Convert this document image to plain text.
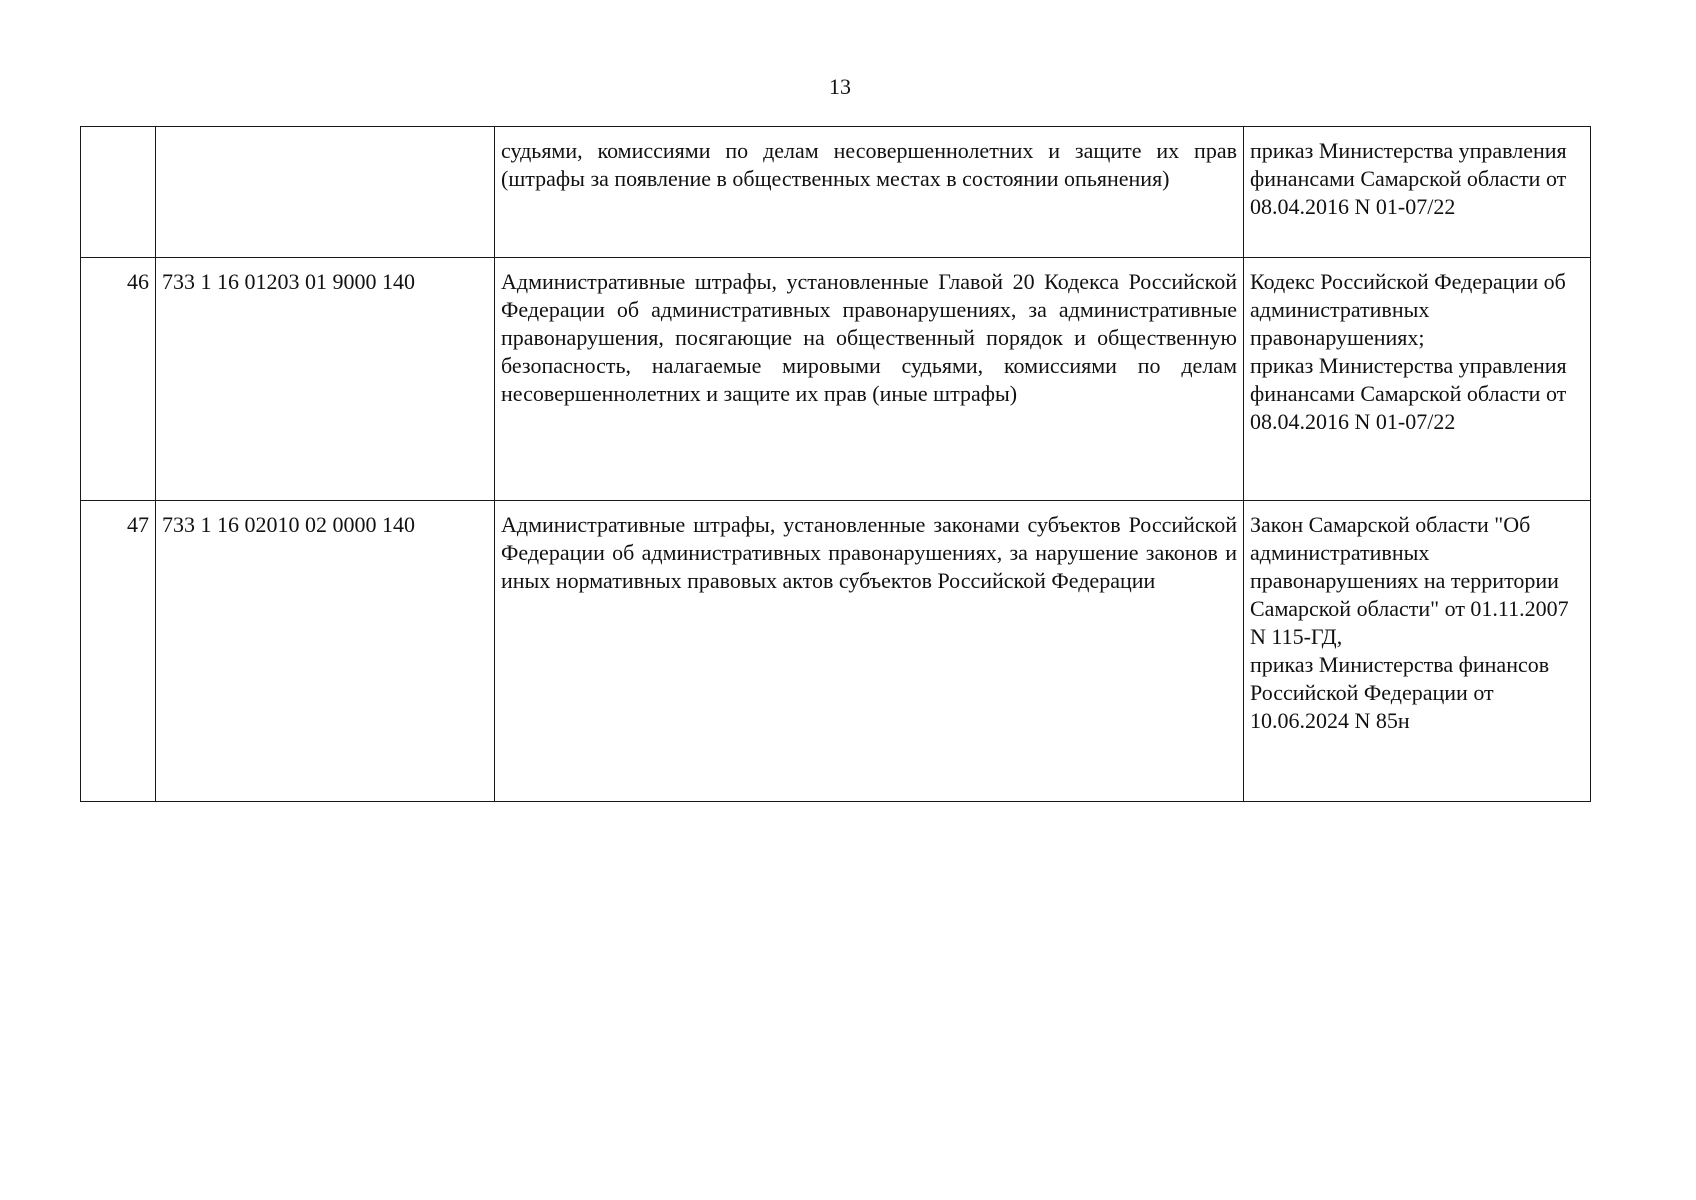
13

		судьями, комиссиями по делам несовершеннолетних и защите их прав (штрафы за появление в общественных местах в состоянии опьянения)	приказ Министерства управления финансами Самарской области от 08.04.2016 N 01-07/22

46	733 1 16 01203 01 9000 140	Административные штрафы, установленные Главой 20 Кодекса Российской Федерации об административных правонарушениях, за административные правонарушения, посягающие на общественный порядок и общественную безопасность, налагаемые мировыми судьями, комиссиями по делам несовершеннолетних и защите их прав (иные штрафы)	Кодекс Российской Федерации об административных правонарушениях;
приказ Министерства управления финансами Самарской области от 08.04.2016 N 01-07/22

47	733 1 16 02010 02 0000 140	Административные штрафы, установленные законами субъектов Российской Федерации об административных правонарушениях, за нарушение законов и иных нормативных правовых актов субъектов Российской Федерации	Закон Самарской области "Об административных правонарушениях на территории Самарской области" от 01.11.2007 N 115-ГД,
приказ Министерства финансов Российской Федерации от 10.06.2024 N 85н
